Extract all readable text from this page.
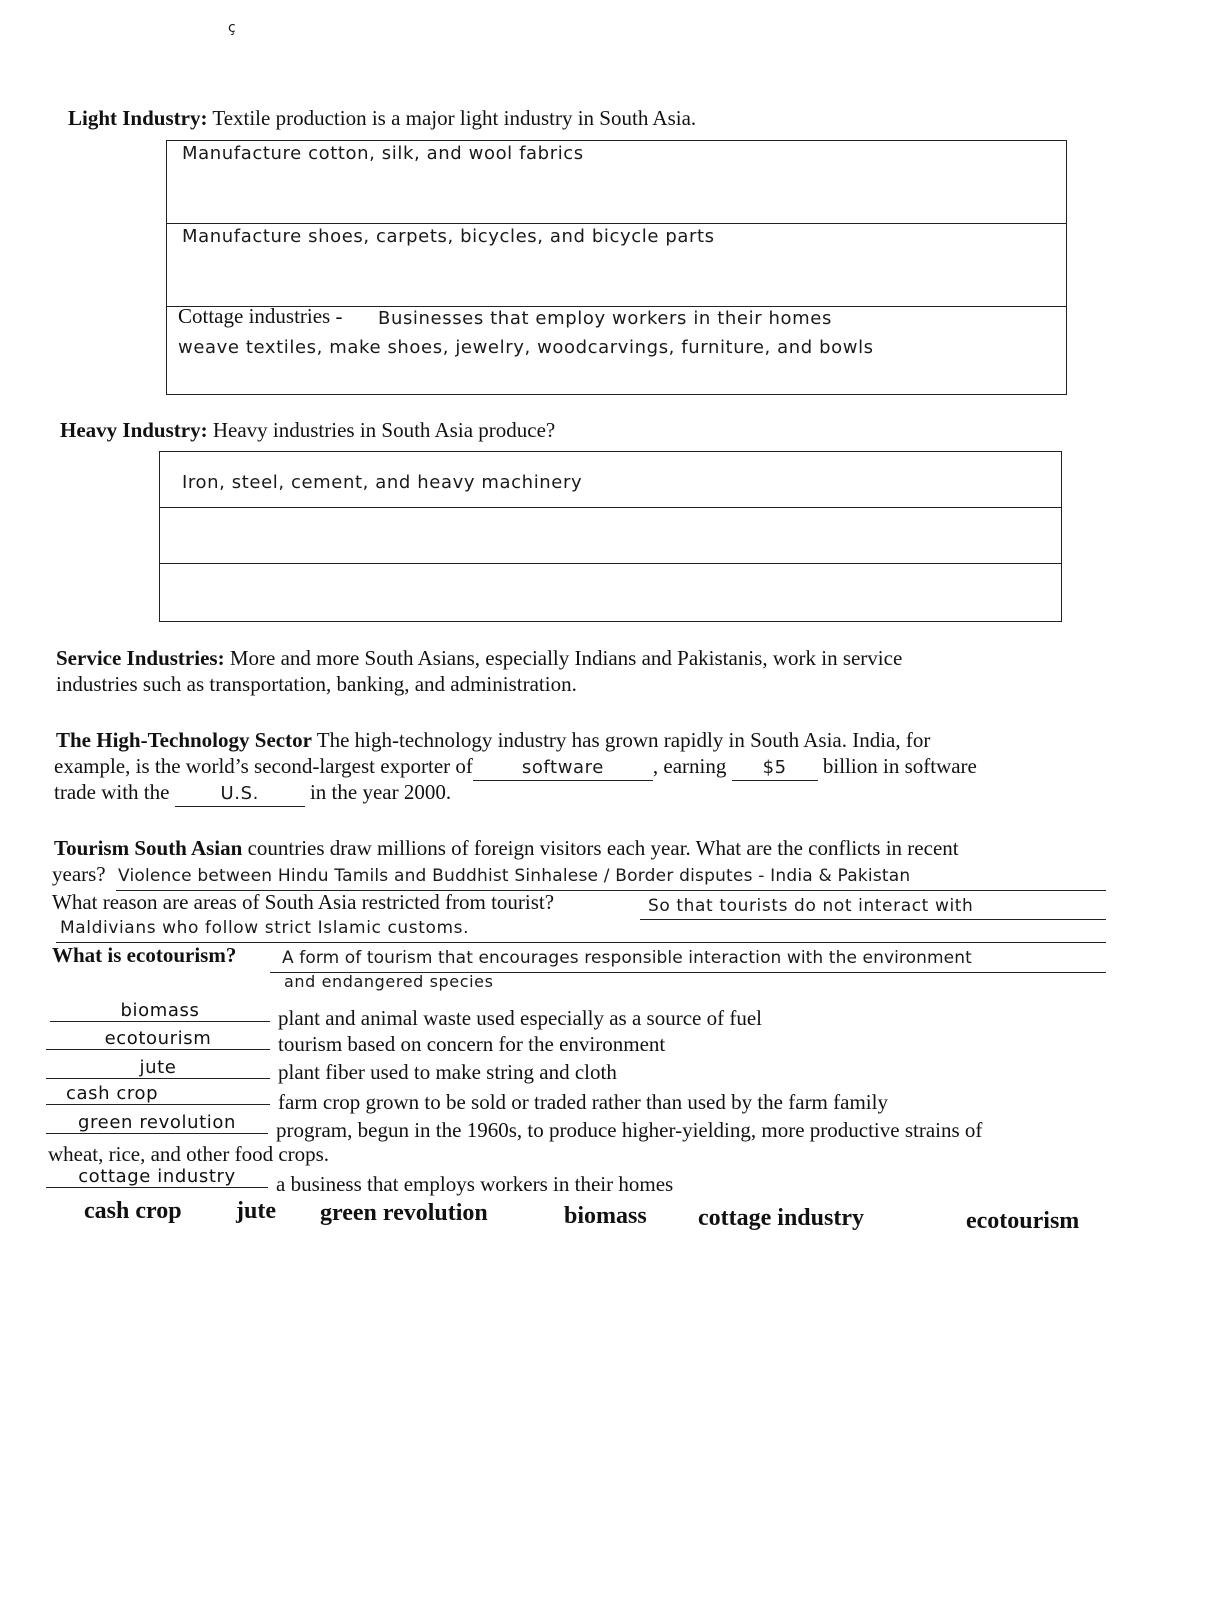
ç
Light Industry: Textile production is a major light industry in South Asia.
Manufacture cotton, silk, and wool fabrics
Manufacture shoes, carpets, bicycles, and bicycle parts
Cottage industries - Businesses that employ workers in their homes
weave textiles, make shoes, jewelry, woodcarvings, furniture, and bowls
Heavy Industry: Heavy industries in South Asia produce?
Iron, steel, cement, and heavy machinery
Service Industries: More and more South Asians, especially Indians and Pakistanis, work in service
industries such as transportation, banking, and administration.
The High-Technology Sector The high-technology industry has grown rapidly in South Asia. India, for
example, is the world’s second-largest exporter of	software , earning $5 billion in software
trade with the	U.S. in the year 2000.
Tourism South Asian countries draw millions of foreign visitors each year. What are the conflicts in recent
years? Violence between Hindu Tamils and Buddhist Sinhalese / Border disputes - India & Pakistan
What reason are areas of South Asia restricted from tourist?	So that tourists do not interact with
Maldivians who follow strict Islamic customs.
What is ecotourism?	A form of tourism that encourages responsible interaction with the environment
and endangered species
biomass	plant and animal waste used especially as a source of fuel
ecotourism	tourism based on concern for the environment
jute	plant fiber used to make string and cloth
cash crop	farm crop grown to be sold or traded rather than used by the farm family
green revolution	program, begun in the 1960s, to produce higher-yielding, more productive strains of
wheat, rice, and other food crops.
cottage industry	a business that employs workers in their homes
cash crop jute green revolution	biomass cottage industry	ecotourism
